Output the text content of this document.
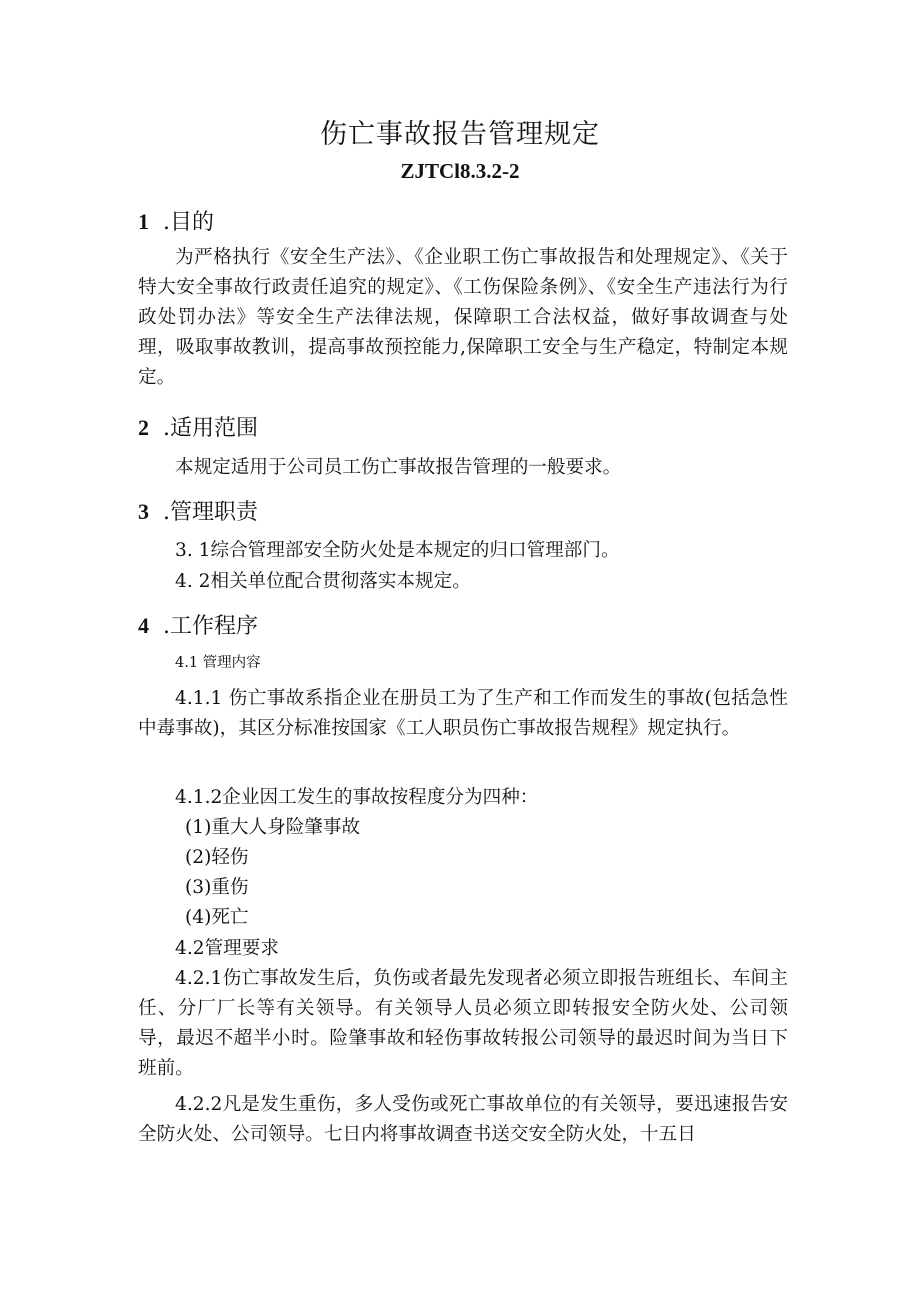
伤亡事故报告管理规定
ZJTCl8.3.2-2
1 .目的
为严格执行《安全生产法》、《企业职工伤亡事故报告和处理规定》、《关于特大安全事故行政责任追究的规定》、《工伤保险条例》、《安全生产违法行为行政处罚办法》等安全生产法律法规，保障职工合法权益，做好事故调查与处理，吸取事故教训，提高事故预控能力,保障职工安全与生产稳定，特制定本规定。
2 .适用范围
本规定适用于公司员工伤亡事故报告管理的一般要求。
3 .管理职责
3. 1综合管理部安全防火处是本规定的归口管理部门。
4. 2相关单位配合贯彻落实本规定。
4 .工作程序
4.1 管理内容
4.1.1 伤亡事故系指企业在册员工为了生产和工作而发生的事故(包括急性中毒事故)，其区分标准按国家《工人职员伤亡事故报告规程》规定执行。
4.1.2企业因工发生的事故按程度分为四种：
(1)重大人身险肇事故
(2)轻伤
(3)重伤
(4)死亡
4.2管理要求
4.2.1伤亡事故发生后，负伤或者最先发现者必须立即报告班组长、车间主任、分厂厂长等有关领导。有关领导人员必须立即转报安全防火处、公司领导，最迟不超半小时。险肇事故和轻伤事故转报公司领导的最迟时间为当日下班前。
4.2.2凡是发生重伤，多人受伤或死亡事故单位的有关领导，要迅速报告安全防火处、公司领导。七日内将事故调查书送交安全防火处，十五日
